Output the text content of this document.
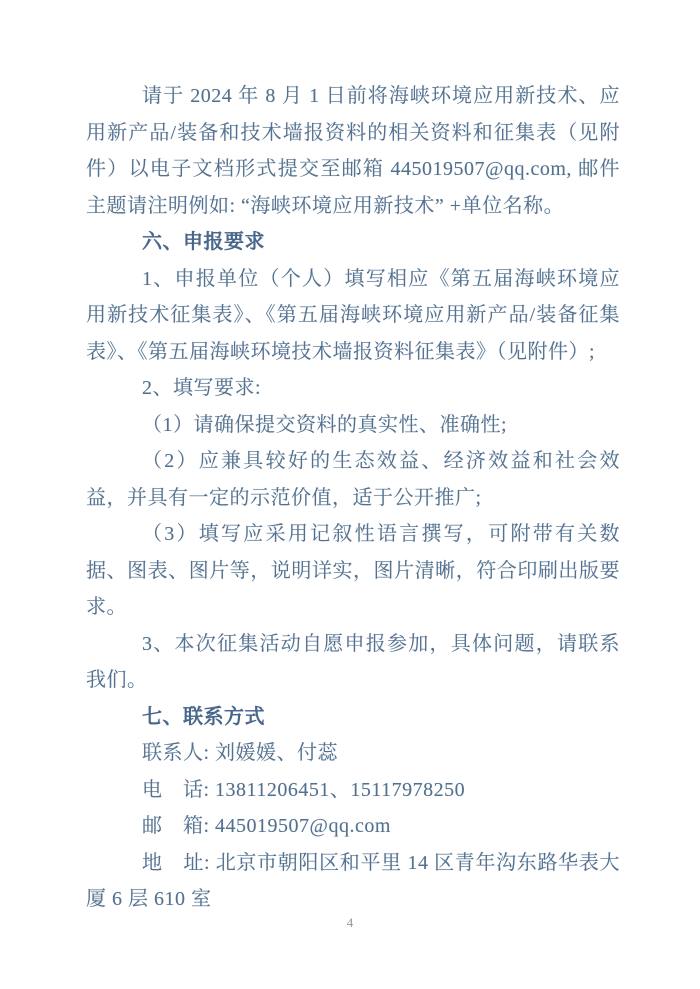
请于 2024 年 8 月 1 日前将海峡环境应用新技术、应用新产品/装备和技术墙报资料的相关资料和征集表（见附件）以电子文档形式提交至邮箱 445019507@qq.com, 邮件主题请注明例如: “海峡环境应用新技术” +单位名称。

六、申报要求

1、申报单位（个人）填写相应《第五届海峡环境应用新技术征集表》、《第五届海峡环境应用新产品/装备征集表》、《第五届海峡环境技术墙报资料征集表》（见附件）;

2、填写要求:

（1）请确保提交资料的真实性、准确性;

（2）应兼具较好的生态效益、经济效益和社会效益，并具有一定的示范价值，适于公开推广;

（3）填写应采用记叙性语言撰写，可附带有关数据、图表、图片等，说明详实，图片清晰，符合印刷出版要求。

3、本次征集活动自愿申报参加，具体问题，请联系我们。

七、联系方式

联系人: 刘媛媛、付蕊

电　话: 13811206451、15117978250

邮　箱: 445019507@qq.com

地　址: 北京市朝阳区和平里 14 区青年沟东路华表大厦 6 层 610 室

4
